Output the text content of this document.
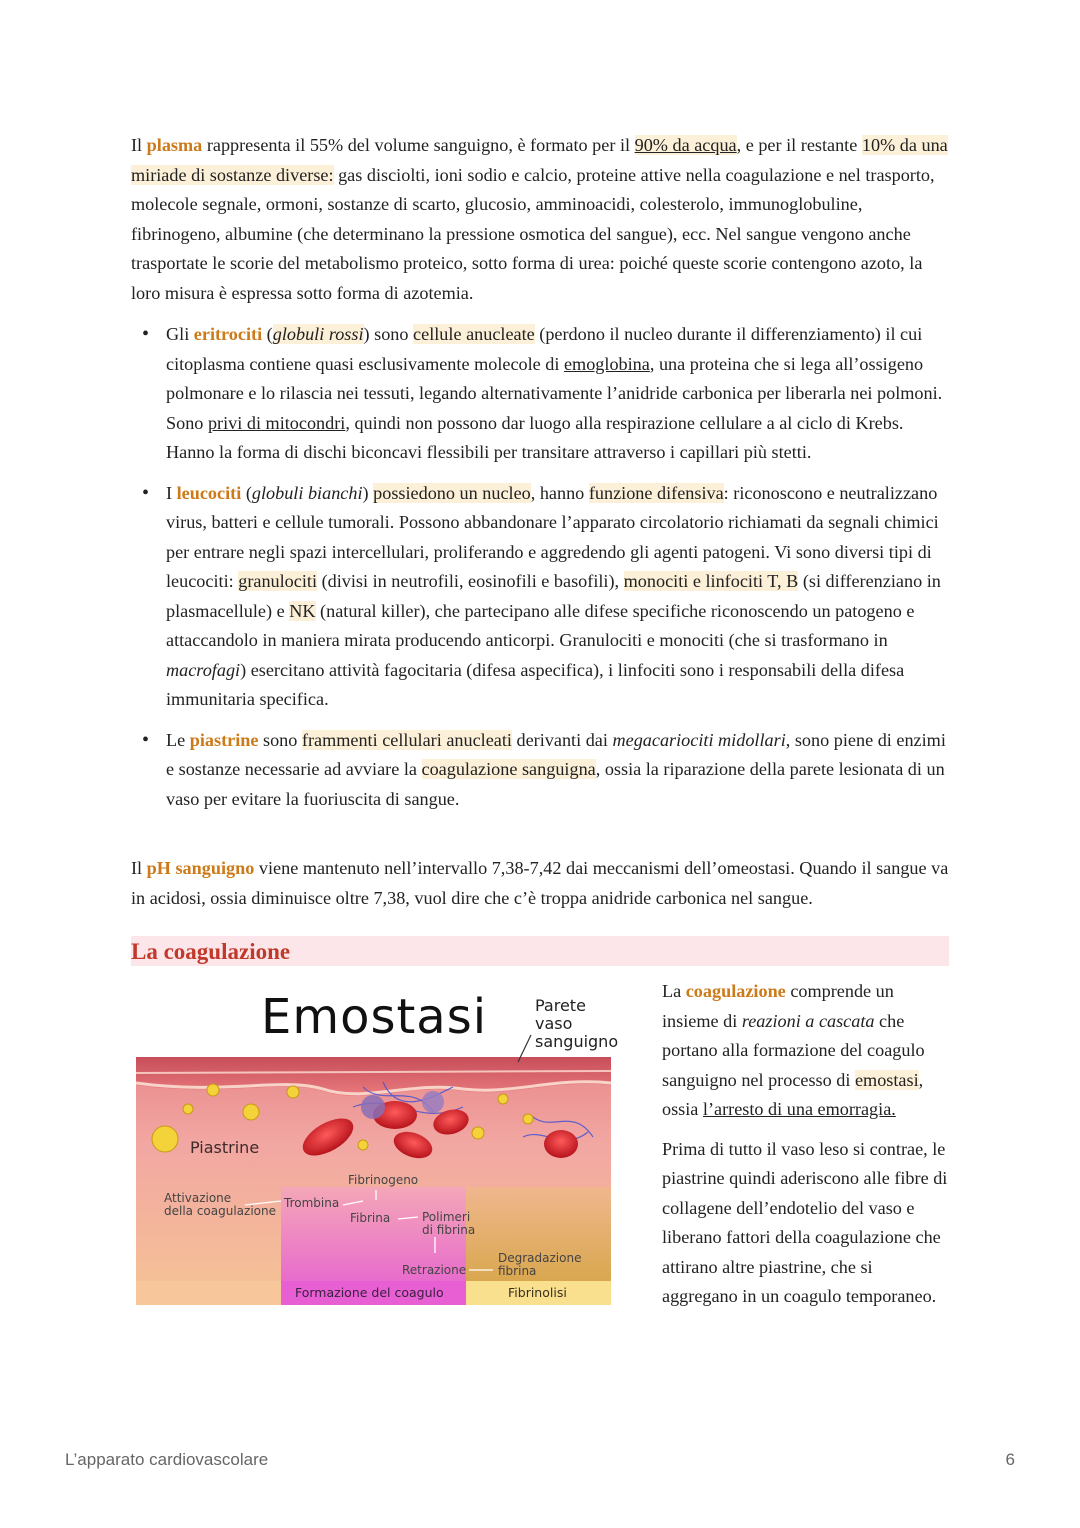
Il plasma rappresenta il 55% del volume sanguigno, è formato per il 90% da acqua, e per il restante 10% da una miriade di sostanze diverse: gas disciolti, ioni sodio e calcio, proteine attive nella coagulazione e nel trasporto, molecole segnale, ormoni, sostanze di scarto, glucosio, amminoacidi, colesterolo, immunoglobuline, fibrinogeno, albumine (che determinano la pressione osmotica del sangue), ecc. Nel sangue vengono anche trasportate le scorie del metabolismo proteico, sotto forma di urea: poiché queste scorie contengono azoto, la loro misura è espressa sotto forma di azotemia.

• Gli eritrociti (globuli rossi) sono cellule anucleate (perdono il nucleo durante il differenziamento) il cui citoplasma contiene quasi esclusivamente molecole di emoglobina, una proteina che si lega all’ossigeno polmonare e lo rilascia nei tessuti, legando alternativamente l’anidride carbonica per liberarla nei polmoni. Sono privi di mitocondri, quindi non possono dar luogo alla respirazione cellulare a al ciclo di Krebs. Hanno la forma di dischi biconcavi flessibili per transitare attraverso i capillari più stetti.
• I leucociti (globuli bianchi) possiedono un nucleo, hanno funzione difensiva: riconoscono e neutralizzano virus, batteri e cellule tumorali. Possono abbandonare l’apparato circolatorio richiamati da segnali chimici per entrare negli spazi intercellulari, proliferando e aggredendo gli agenti patogeni. Vi sono diversi tipi di leucociti: granulociti (divisi in neutrofili, eosinofili e basofili), monociti e linfociti T, B (si differenziano in plasmacellule) e NK (natural killer), che partecipano alle difese specifiche riconoscendo un patogeno e attaccandolo in maniera mirata producendo anticorpi. Granulociti e monociti (che si trasformano in macrofagi) esercitano attività fagocitaria (difesa aspecifica), i linfociti sono i responsabili della difesa immunitaria specifica.
• Le piastrine sono frammenti cellulari anucleati derivanti dai megacariociti midollari, sono piene di enzimi e sostanze necessarie ad avviare la coagulazione sanguigna, ossia la riparazione della parete lesionata di un vaso per evitare la fuoriuscita di sangue.

Il pH sanguigno viene mantenuto nell’intervallo 7,38-7,42 dai meccanismi dell’omeostasi. Quando il sangue va in acidosi, ossia diminuisce oltre 7,38, vuol dire che c’è troppa anidride carbonica nel sangue.

La coagulazione
Emostasi	Parete
vaso
sanguigno
Piastrine
Fibrinogeno
Attivazione
della coagulazione
Trombina
Fibrina	Polimeri
di fibrina
Degradazione
fibrina
Retrazione
Formazione del coagulo	Fibrinolisi

La coagulazione comprende un insieme di reazioni a cascata che portano alla formazione del coagulo sanguigno nel processo di emostasi, ossia l’arresto di una emorragia.

Prima di tutto il vaso leso si contrae, le piastrine quindi aderiscono alle fibre di collagene dell’endotelio del vaso e liberano fattori della coagulazione che attirano altre piastrine, che si aggregano in un coagulo temporaneo.

L’apparato cardiovascolare	6
